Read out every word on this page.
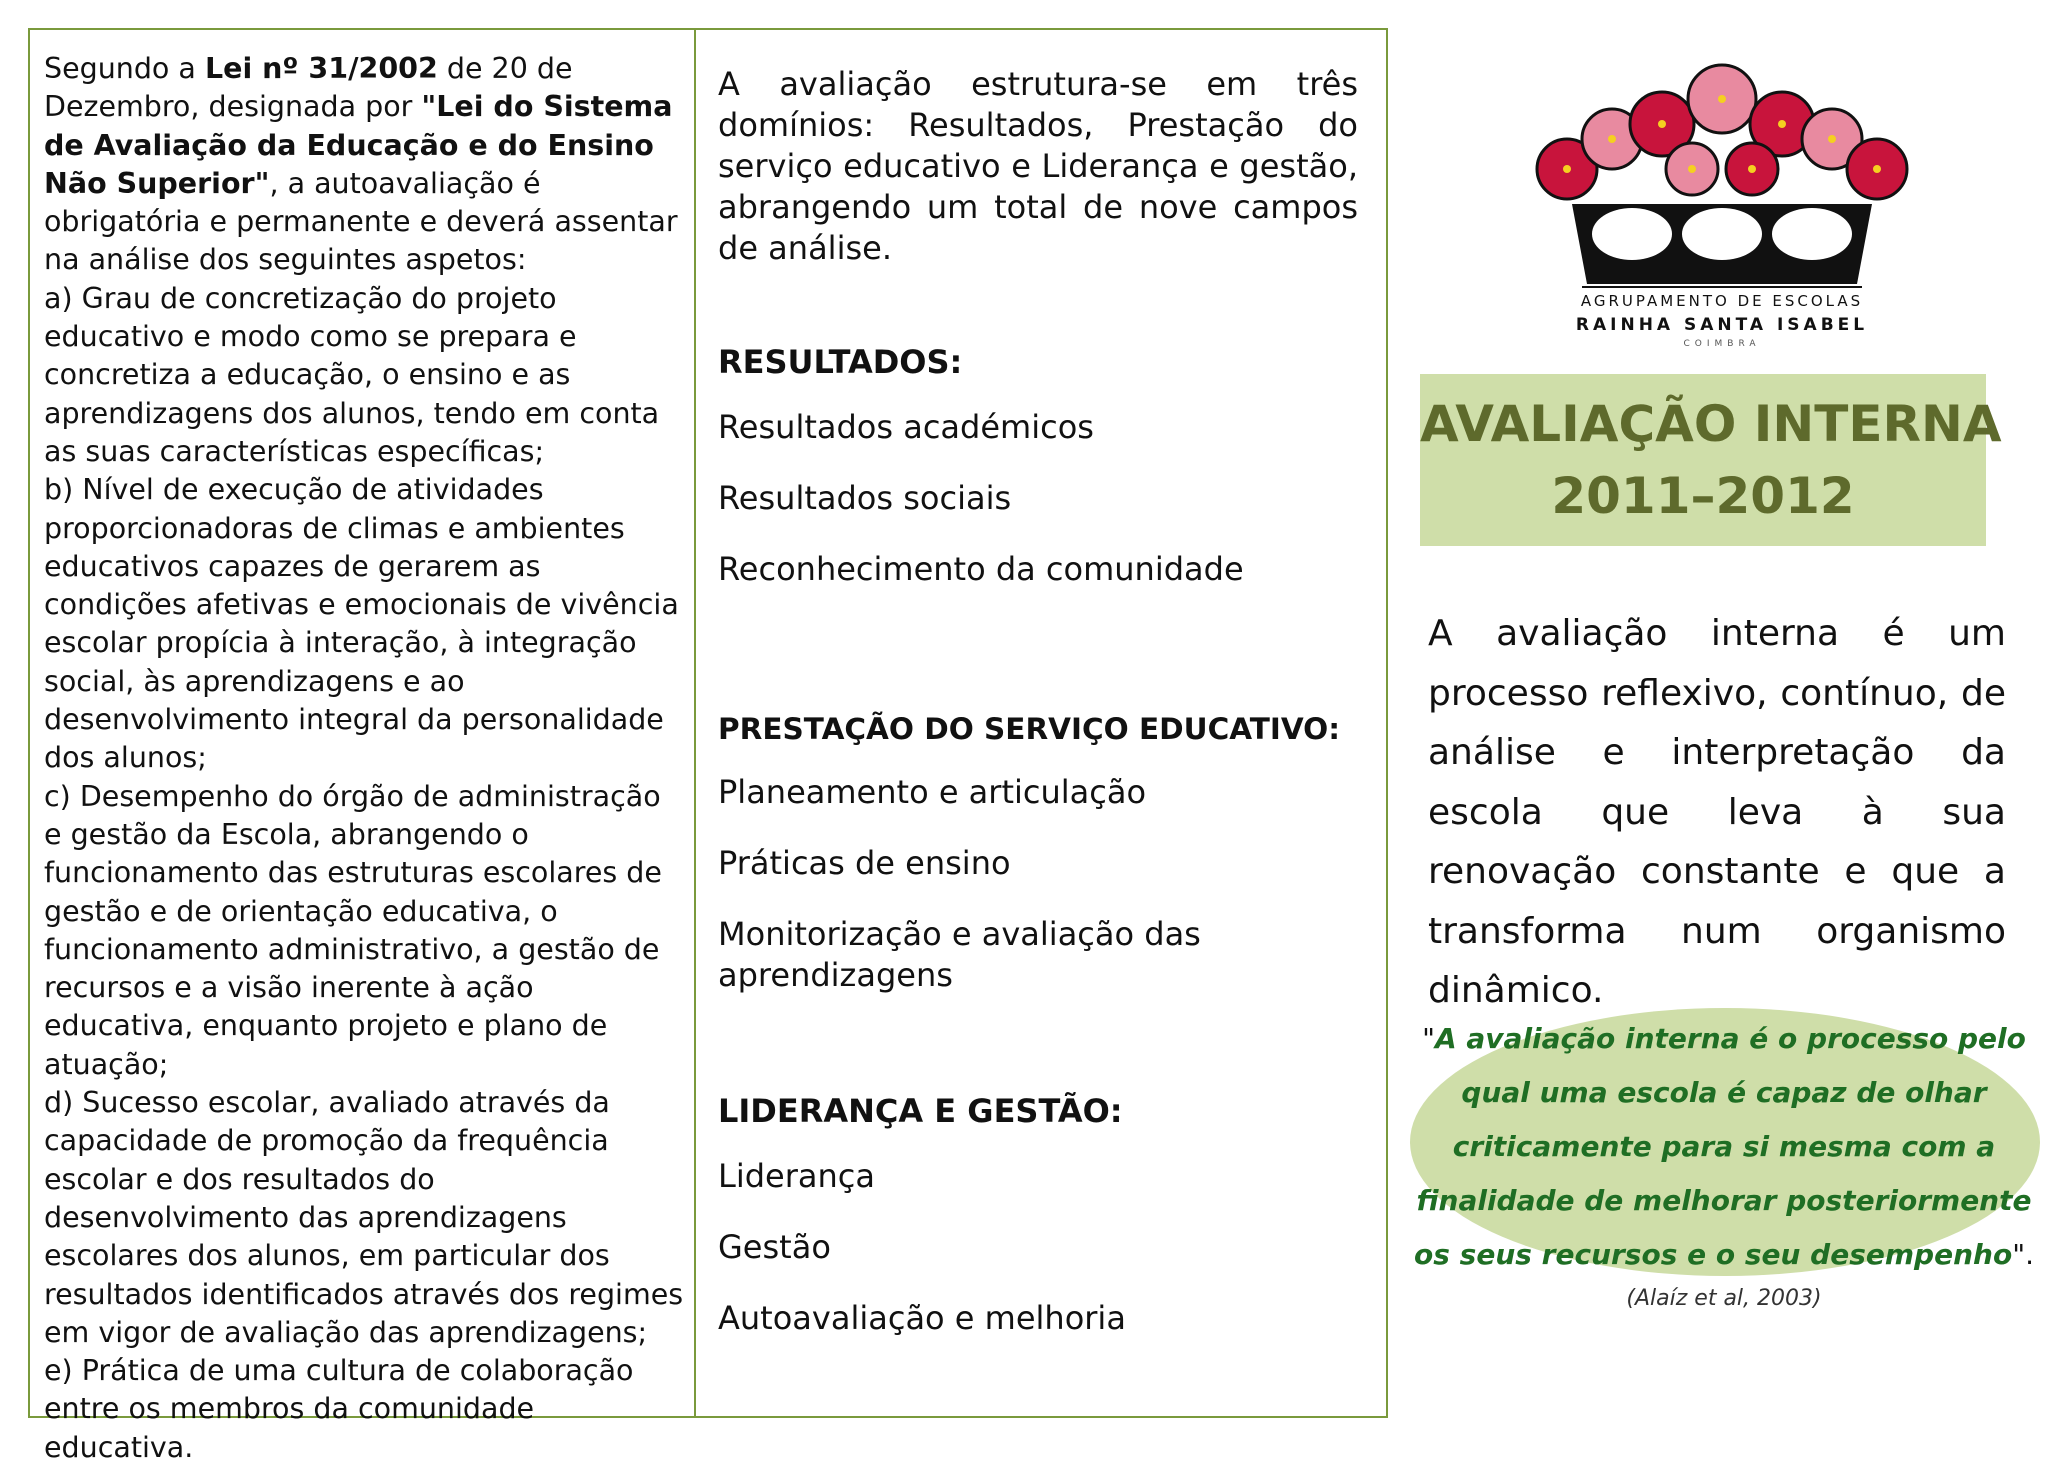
Segundo a Lei nº 31/2002 de 20 de Dezembro, designada por "Lei do Sistema de Avaliação da Educação e do Ensino Não Superior", a autoavaliação é obrigatória e permanente e deverá assentar na análise dos seguintes aspetos:

a) Grau de concretização do projeto educativo e modo como se prepara e concretiza a educação, o ensino e as aprendizagens dos alunos, tendo em conta as suas características específicas;

b) Nível de execução de atividades proporcionadoras de climas e ambientes educativos capazes de gerarem as condições afetivas e emocionais de vivência escolar propícia à interação, à integração social, às aprendizagens e ao desenvolvimento integral da personalidade dos alunos;

c) Desempenho do órgão de administração e gestão da Escola, abrangendo o funcionamento das estruturas escolares de gestão e de orientação educativa, o funcionamento administrativo, a gestão de recursos e a visão inerente à ação educativa, enquanto projeto e plano de atuação;

d) Sucesso escolar, avaliado através da capacidade de promoção da frequência escolar e dos resultados do desenvolvimento das aprendizagens escolares dos alunos, em particular dos resultados identificados através dos regimes em vigor de avaliação das aprendizagens;

e) Prática de uma cultura de colaboração entre os membros da comunidade educativa.

A avaliação estrutura-se em três domínios: Resultados, Prestação do serviço educativo e Liderança e gestão, abrangendo um total de nove campos de análise.

RESULTADOS:

Resultados académicos

Resultados sociais

Reconhecimento da comunidade

PRESTAÇÃO DO SERVIÇO EDUCATIVO:

Planeamento e articulação

Práticas de ensino

Monitorização e avaliação das aprendizagens

LIDERANÇA E GESTÃO:

Liderança

Gestão

Autoavaliação e melhoria

AGRUPAMENTO DE ESCOLAS
RAINHA SANTA ISABEL
COIMBRA
AVALIAÇÃO INTERNA
2011–2012

A avaliação interna é um processo reflexivo, contínuo, de análise e interpretação da escola que leva à sua renovação constante e que a transforma num organismo dinâmico.

"A avaliação interna é o processo pelo qual uma escola é capaz de olhar criticamente para si mesma com a finalidade de melhorar posteriormente os seus recursos e o seu desempenho".
(Alaíz et al, 2003)
